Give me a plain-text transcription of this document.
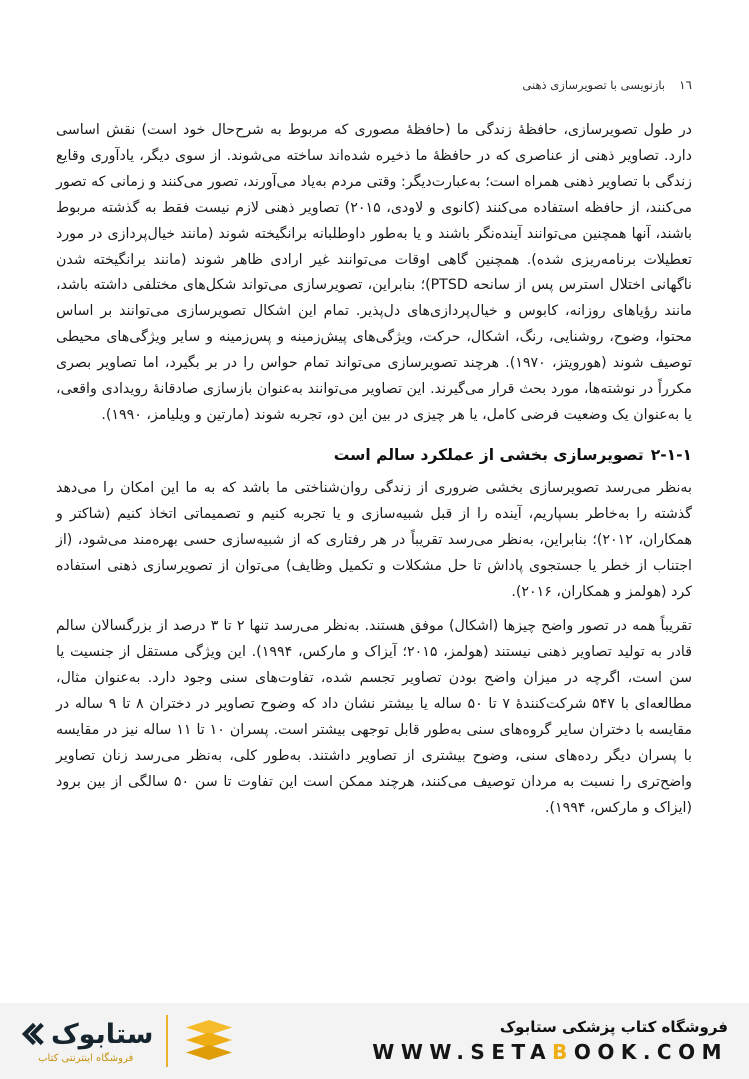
١٦
بازنویسی با تصویرسازی ذهنی

در طول تصویرسازی، حافظهٔ زندگی ما (حافظهٔ مصوری که مربوط به شرح‌حال خود است) نقش اساسی دارد. تصاویر ذهنی از عناصری که در حافظهٔ ما ذخیره شده‌اند ساخته می‌شوند. از سوی دیگر، یادآوری وقایع زندگی با تصاویر ذهنی همراه است؛ به‌عبارت‌دیگر: وقتی مردم به‌یاد می‌آورند، تصور می‌کنند و زمانی که تصور می‌کنند، از حافظه استفاده می‌کنند (کانوی و لاودی، ۲۰۱۵) تصاویر ذهنی لازم نیست فقط به گذشته مربوط باشند، آنها همچنین می‌توانند آینده‌نگر باشند و یا به‌طور داوطلبانه برانگیخته شوند (مانند خیال‌پردازی در مورد تعطیلات برنامه‌ریزی شده). همچنین گاهی اوقات می‌توانند غیر ارادی ظاهر شوند (مانند برانگیخته شدن ناگهانی اختلال استرس پس از سانحه PTSD)؛ بنابراین، تصویرسازی می‌تواند شکل‌های مختلفی داشته باشد، مانند رؤیاهای روزانه، کابوس و خیال‌پردازی‌های دل‌پذیر. تمام این اشکال تصویرسازی می‌توانند بر اساس محتوا، وضوح، روشنایی، رنگ، اشکال، حرکت، ویژگی‌های پیش‌زمینه و پس‌زمینه و سایر ویژگی‌های محیطی توصیف شوند (هورویتز، ۱۹۷۰). هرچند تصویرسازی می‌تواند تمام حواس را در بر بگیرد، اما تصاویر بصری مکرراً در نوشته‌ها، مورد بحث قرار می‌گیرند. این تصاویر می‌توانند به‌عنوان بازسازی صادقانهٔ رویدادی واقعی، یا به‌عنوان یک وضعیت فرضی کامل، یا هر چیزی در بین این دو، تجربه شوند (مارتین و ویلیامز، ۱۹۹۰).

۲-۱-۱
تصویرسازی بخشی از عملکرد سالم است

به‌نظر می‌رسد تصویرسازی بخشی ضروری از زندگی روان‌شناختی ما باشد که به ما این امکان را می‌دهد گذشته را به‌خاطر بسپاریم، آینده را از قبل شبیه‌سازی و یا تجربه کنیم و تصمیماتی اتخاذ کنیم (شاکتر و همکاران، ۲۰۱۲)؛ بنابراین، به‌نظر می‌رسد تقریباً در هر رفتاری که از شبیه‌سازی حسی بهره‌مند می‌شود، (از اجتناب از خطر یا جستجوی پاداش تا حل مشکلات و تکمیل وظایف) می‌توان از تصویرسازی ذهنی استفاده کرد (هولمز و همکاران، ۲۰۱۶).

تقریباً همه در تصور واضح چیزها (اشکال) موفق هستند. به‌نظر می‌رسد تنها ۲ تا ۳ درصد از بزرگسالان سالم قادر به تولید تصاویر ذهنی نیستند (هولمز، ۲۰۱۵؛ آیزاک و مارکس، ۱۹۹۴). این ویژگی مستقل از جنسیت یا سن است، اگرچه در میزان واضح بودن تصاویر تجسم شده، تفاوت‌های سنی وجود دارد. به‌عنوان مثال، مطالعه‌ای با ۵۴۷ شرکت‌کنندهٔ ۷ تا ۵۰ ساله یا بیشتر نشان داد که وضوح تصاویر در دختران ۸ تا ۹ ساله در مقایسه با دختران سایر گروه‌های سنی به‌طور قابل توجهی بیشتر است. پسران ۱۰ تا ۱۱ ساله نیز در مقایسه با پسران دیگر رده‌های سنی، وضوح بیشتری از تصاویر داشتند. به‌طور کلی، به‌نظر می‌رسد زنان تصاویر واضح‌تری را نسبت به مردان توصیف می‌کنند، هرچند ممکن است این تفاوت تا سن ۵۰ سالگی از بین برود (ایزاک و مارکس، ۱۹۹۴).

ستابوک
فروشگاه اینترنتی کتاب
فروشگاه کتاب پزشکی ستابوک
WWW.SETABOOK.COM
